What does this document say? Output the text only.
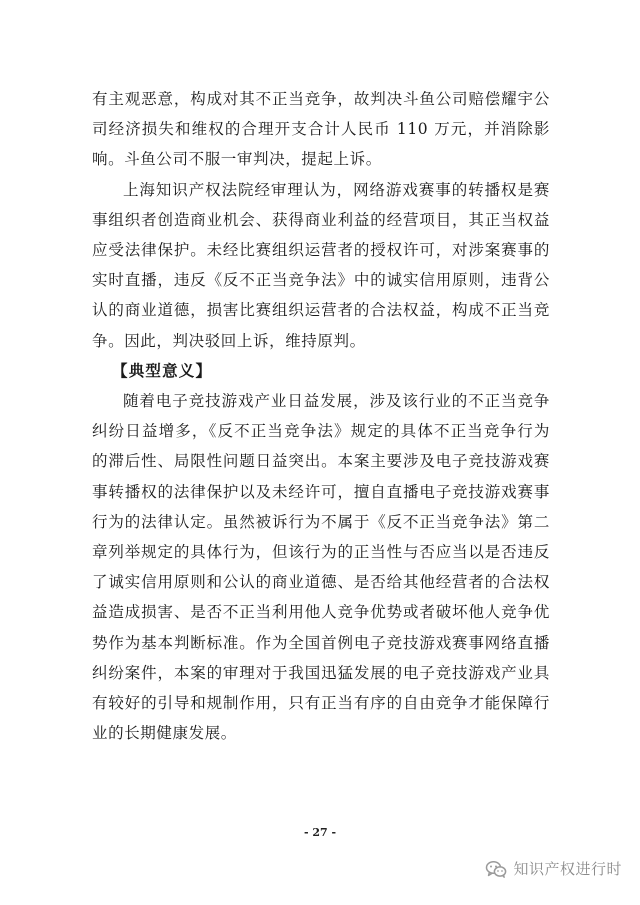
有主观恶意，构成对其不正当竞争，故判决斗鱼公司赔偿耀宇公司经济损失和维权的合理开支合计人民币 110 万元，并消除影响。斗鱼公司不服一审判决，提起上诉。

上海知识产权法院经审理认为，网络游戏赛事的转播权是赛事组织者创造商业机会、获得商业利益的经营项目，其正当权益应受法律保护。未经比赛组织运营者的授权许可，对涉案赛事的实时直播，违反《反不正当竞争法》中的诚实信用原则，违背公认的商业道德，损害比赛组织运营者的合法权益，构成不正当竞争。因此，判决驳回上诉，维持原判。

【典型意义】

随着电子竞技游戏产业日益发展，涉及该行业的不正当竞争纠纷日益增多，《反不正当竞争法》规定的具体不正当竞争行为的滞后性、局限性问题日益突出。本案主要涉及电子竞技游戏赛事转播权的法律保护以及未经许可，擅自直播电子竞技游戏赛事行为的法律认定。虽然被诉行为不属于《反不正当竞争法》第二章列举规定的具体行为，但该行为的正当性与否应当以是否违反了诚实信用原则和公认的商业道德、是否给其他经营者的合法权益造成损害、是否不正当利用他人竞争优势或者破坏他人竞争优势作为基本判断标准。作为全国首例电子竞技游戏赛事网络直播纠纷案件，本案的审理对于我国迅猛发展的电子竞技游戏产业具有较好的引导和规制作用，只有正当有序的自由竞争才能保障行业的长期健康发展。

- 27 -
知识产权进行时
